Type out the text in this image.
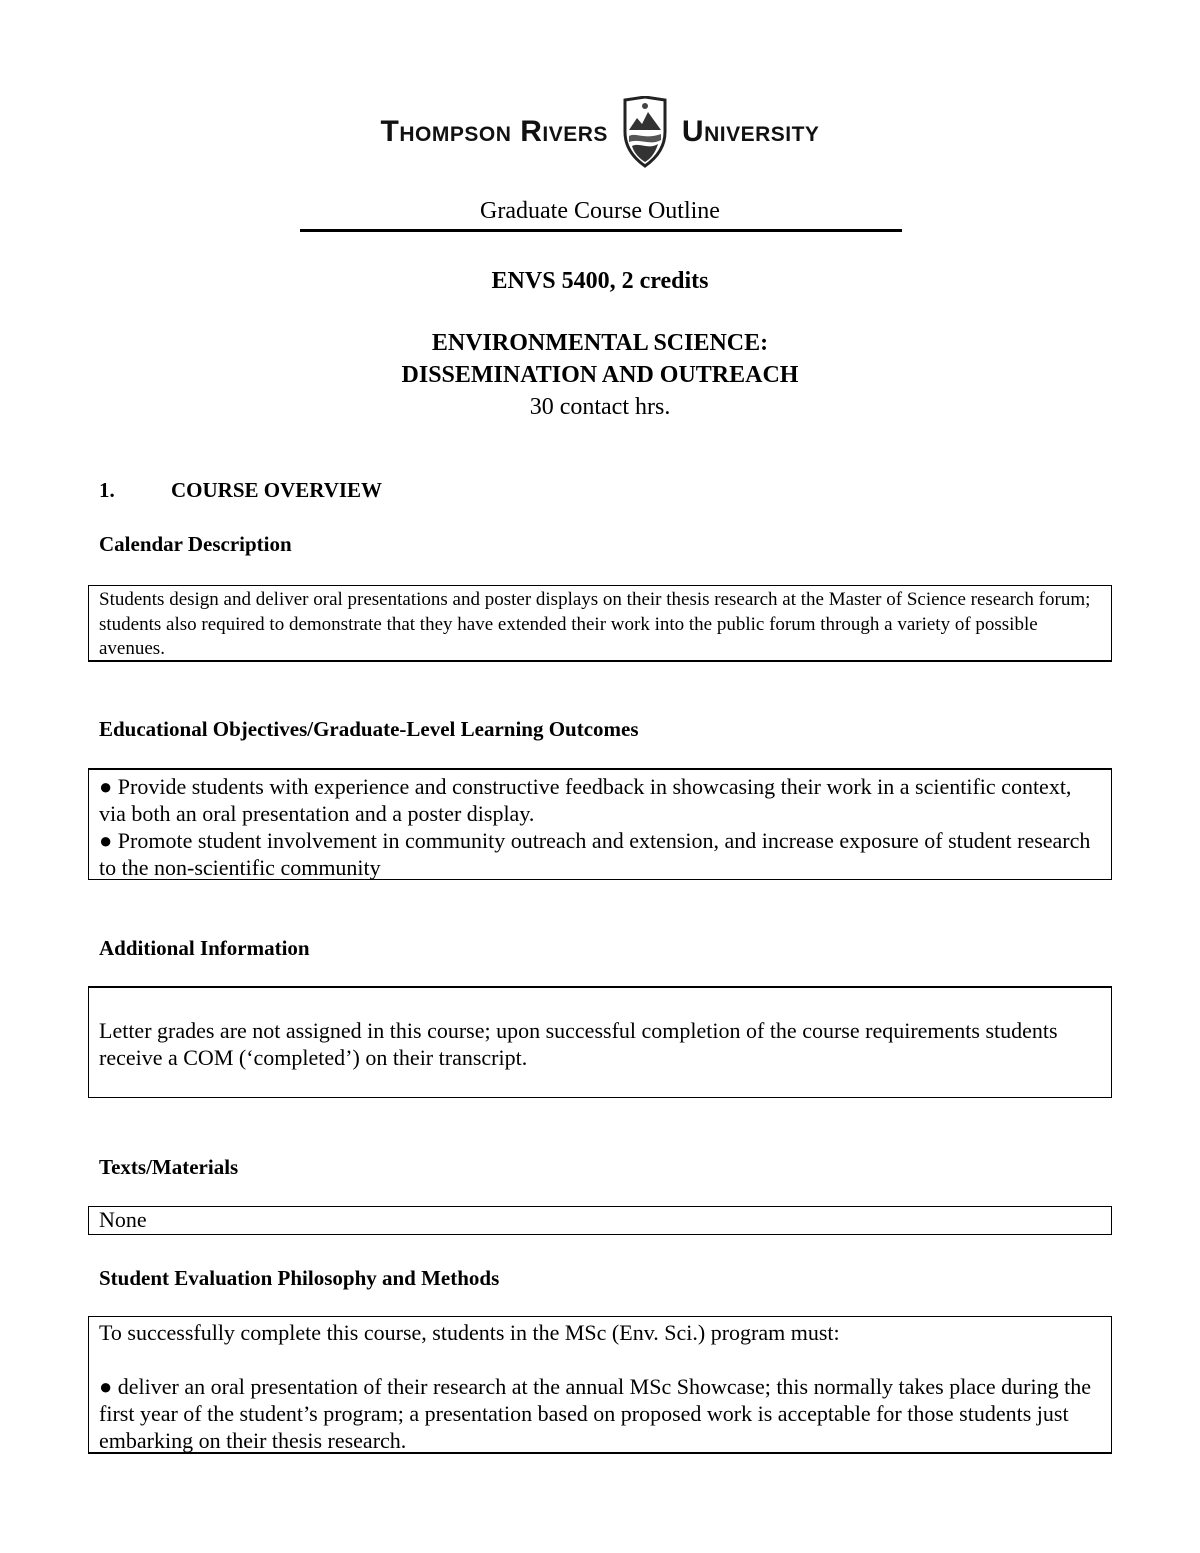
Thompson Rivers University
Graduate Course Outline
ENVS 5400, 2 credits
ENVIRONMENTAL SCIENCE:
DISSEMINATION AND OUTREACH
30 contact hrs.
1.	COURSE OVERVIEW
Calendar Description

Students design and deliver oral presentations and poster displays on their thesis research at the Master of Science research forum; students also required to demonstrate that they have extended their work into the public forum through a variety of possible avenues.

Educational Objectives/Graduate-Level Learning Outcomes

● Provide students with experience and constructive feedback in showcasing their work in a scientific context, via both an oral presentation and a poster display.

● Promote student involvement in community outreach and extension, and increase exposure of student research to the non-scientific community

Additional Information

Letter grades are not assigned in this course; upon successful completion of the course requirements students receive a COM (‘completed’) on their transcript.

Texts/Materials

None

Student Evaluation Philosophy and Methods

To successfully complete this course, students in the MSc (Env. Sci.) program must:

● deliver an oral presentation of their research at the annual MSc Showcase; this normally takes place during the first year of the student’s program; a presentation based on proposed work is acceptable for those students just embarking on their thesis research.
